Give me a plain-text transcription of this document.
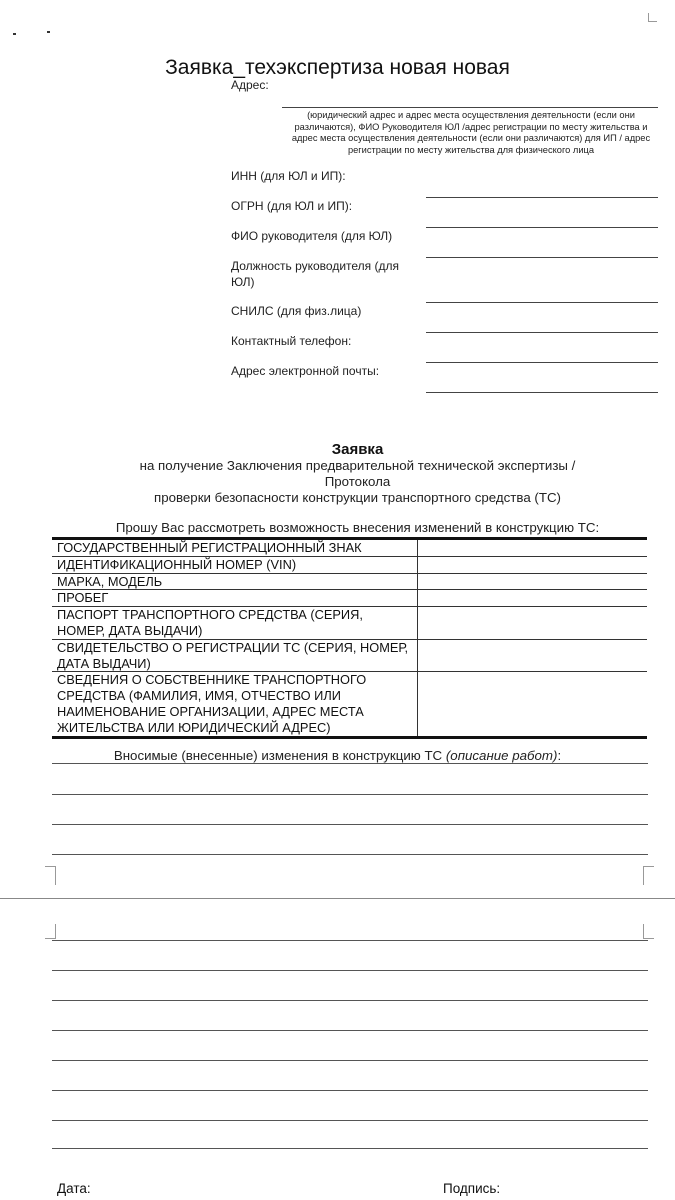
Заявка_техэкспертиза новая новая
Адрес:
(юридический адрес и адрес места осуществления деятельности (если они различаются), ФИО Руководителя ЮЛ /адрес регистрации по месту жительства и адрес места осуществления деятельности (если они различаются) для ИП / адрес регистрации по месту жительства для физического лица
ИНН (для ЮЛ и ИП):
ОГРН (для ЮЛ и ИП):
ФИО руководителя (для ЮЛ)
Должность руководителя (для ЮЛ)
СНИЛС (для физ.лица)
Контактный телефон:
Адрес электронной почты:
Заявка
на получение Заключения предварительной технической экспертизы /
Протокола
проверки безопасности конструкции транспортного средства (ТС)
Прошу Вас рассмотреть возможность внесения изменений в конструкцию ТС:
ГОСУДАРСТВЕННЫЙ РЕГИСТРАЦИОННЫЙ ЗНАК	
ИДЕНТИФИКАЦИОННЫЙ НОМЕР (VIN)	
МАРКА, МОДЕЛЬ	
ПРОБЕГ	
ПАСПОРТ ТРАНСПОРТНОГО СРЕДСТВА (СЕРИЯ, НОМЕР, ДАТА ВЫДАЧИ)	
СВИДЕТЕЛЬСТВО О РЕГИСТРАЦИИ ТС (СЕРИЯ, НОМЕР, ДАТА ВЫДАЧИ)	
СВЕДЕНИЯ О СОБСТВЕННИКЕ ТРАНСПОРТНОГО СРЕДСТВА (ФАМИЛИЯ, ИМЯ, ОТЧЕСТВО ИЛИ НАИМЕНОВАНИЕ ОРГАНИЗАЦИИ, АДРЕС МЕСТА ЖИТЕЛЬСТВА ИЛИ ЮРИДИЧЕСКИЙ АДРЕС)	
Вносимые (внесенные) изменения в конструкцию ТС (описание работ):
Дата:	Подпись:
